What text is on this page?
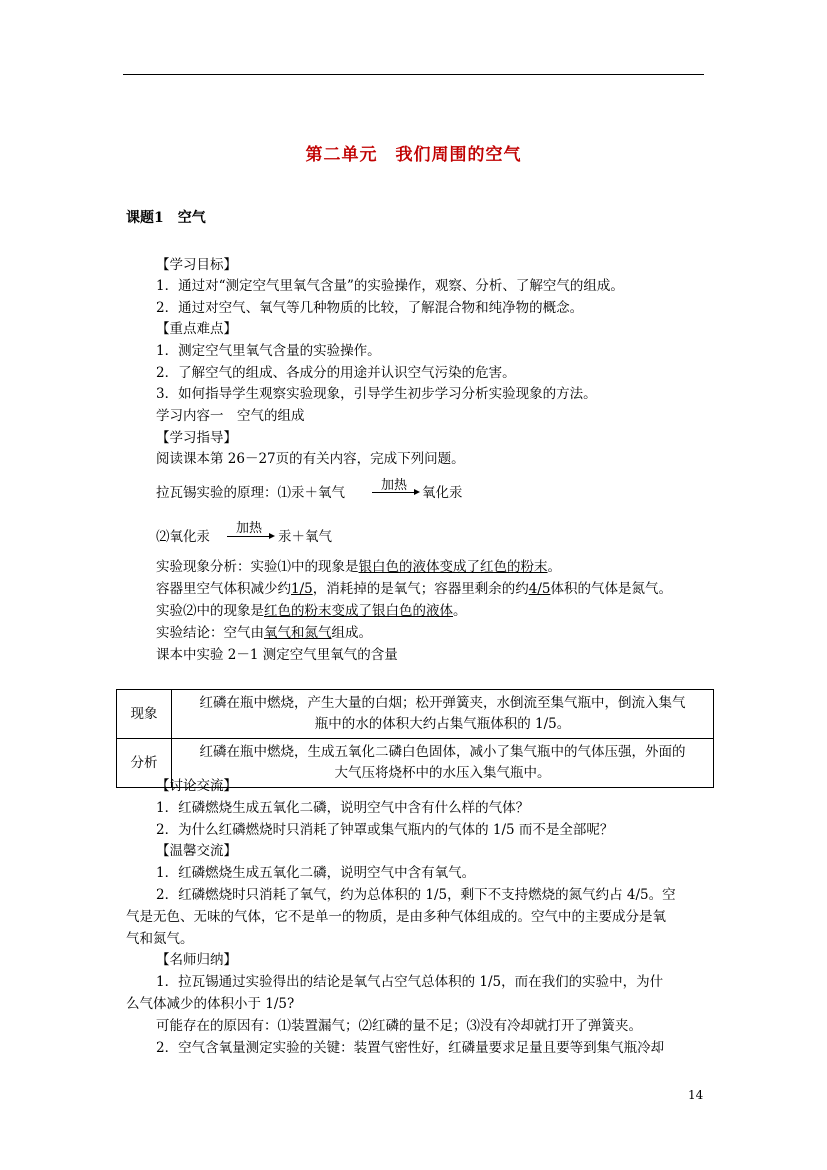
第二单元　我们周围的空气
课题1　空气
【学习目标】
1．通过对“测定空气里氧气含量”的实验操作，观察、分析、了解空气的组成。
2．通过对空气、氧气等几种物质的比较，了解混合物和纯净物的概念。
【重点难点】
1．测定空气里氧气含量的实验操作。
2．了解空气的组成、各成分的用途并认识空气污染的危害。
3．如何指导学生观察实验现象，引导学生初步学习分析实验现象的方法。
学习内容一　空气的组成
【学习指导】
阅读课本第 26－27页的有关内容，完成下列问题。
拉瓦锡实验的原理：⑴汞＋氧气	加热 氧化汞
⑵氧化汞
加热
汞＋氧气
实验现象分析：实验⑴中的现象是银白色的液体变成了红色的粉末。
容器里空气体积减少约1/5，消耗掉的是氧气；容器里剩余的约4/5体积的气体是氮气。
实验⑵中的现象是红色的粉末变成了银白色的液体。
实验结论：空气由氧气和氮气组成。
课本中实验 2－1 测定空气里氧气的含量
现象	红磷在瓶中燃烧，产生大量的白烟；松开弹簧夹，水倒流至集气瓶中，倒流入集气
瓶中的水的体积大约占集气瓶体积的 1/5。

分析	红磷在瓶中燃烧，生成五氧化二磷白色固体，减小了集气瓶中的气体压强，外面的
大气压将烧杯中的水压入集气瓶中。
【讨论交流】
1．红磷燃烧生成五氧化二磷，说明空气中含有什么样的气体？
2．为什么红磷燃烧时只消耗了钟罩或集气瓶内的气体的 1/5 而不是全部呢？
【温馨交流】
1．红磷燃烧生成五氧化二磷，说明空气中含有氧气。
2．红磷燃烧时只消耗了氧气，约为总体积的 1/5，剩下不支持燃烧的氮气约占 4/5。空
气是无色、无味的气体，它不是单一的物质，是由多种气体组成的。空气中的主要成分是氧
气和氮气。
【名师归纳】
1．拉瓦锡通过实验得出的结论是氧气占空气总体积的 1/5，而在我们的实验中，为什
么气体减少的体积小于 1/5?
可能存在的原因有：⑴装置漏气；⑵红磷的量不足；⑶没有冷却就打开了弹簧夹。
2．空气含氧量测定实验的关键：装置气密性好，红磷量要求足量且要等到集气瓶冷却
14
